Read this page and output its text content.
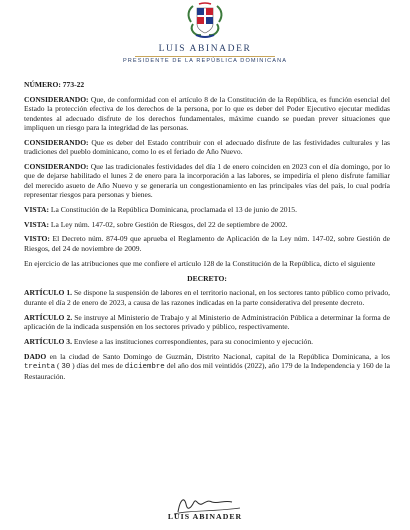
LUIS ABINADER
PRESIDENTE DE LA REPÚBLICA DOMINICANA

NÚMERO: 773-22

CONSIDERANDO: Que, de conformidad con el artículo 8 de la Constitución de la República, es función esencial del Estado la protección efectiva de los derechos de la persona, por lo que es deber del Poder Ejecutivo ejecutar medidas tendentes al adecuado disfrute de los derechos fundamentales, máxime cuando se puedan prever situaciones que impliquen un riesgo para la integridad de las personas.

CONSIDERANDO: Que es deber del Estado contribuir con el adecuado disfrute de las festividades culturales y las tradiciones del pueblo dominicano, como lo es el feriado de Año Nuevo.

CONSIDERANDO: Que las tradicionales festividades del día 1 de enero coinciden en 2023 con el día domingo, por lo que de dejarse habilitado el lunes 2 de enero para la incorporación a las labores, se impediría el pleno disfrute familiar del merecido asueto de Año Nuevo y se generaría un congestionamiento en las principales vías del país, lo cual podría representar riesgos para personas y bienes.

VISTA: La Constitución de la República Dominicana, proclamada el 13 de junio de 2015.

VISTA: La Ley núm. 147-02, sobre Gestión de Riesgos, del 22 de septiembre de 2002.

VISTO: El Decreto núm. 874-09 que aprueba el Reglamento de Aplicación de la Ley núm. 147-02, sobre Gestión de Riesgos, del 24 de noviembre de 2009.

En ejercicio de las atribuciones que me confiere el artículo 128 de la Constitución de la República, dicto el siguiente

DECRETO:

ARTÍCULO 1. Se dispone la suspensión de labores en el territorio nacional, en los sectores tanto público como privado, durante el día 2 de enero de 2023, a causa de las razones indicadas en la parte considerativa del presente decreto.

ARTÍCULO 2. Se instruye al Ministerio de Trabajo y al Ministerio de Administración Pública a determinar la forma de aplicación de la indicada suspensión en los sectores privado y público, respectivamente.

ARTÍCULO 3. Envíese a las instituciones correspondientes, para su conocimiento y ejecución.

DADO en la ciudad de Santo Domingo de Guzmán, Distrito Nacional, capital de la República Dominicana, a los treinta ( 30 ) días del mes de diciembre del año dos mil veintidós (2022), año 179 de la Independencia y 160 de la Restauración.

LUIS ABINADER
